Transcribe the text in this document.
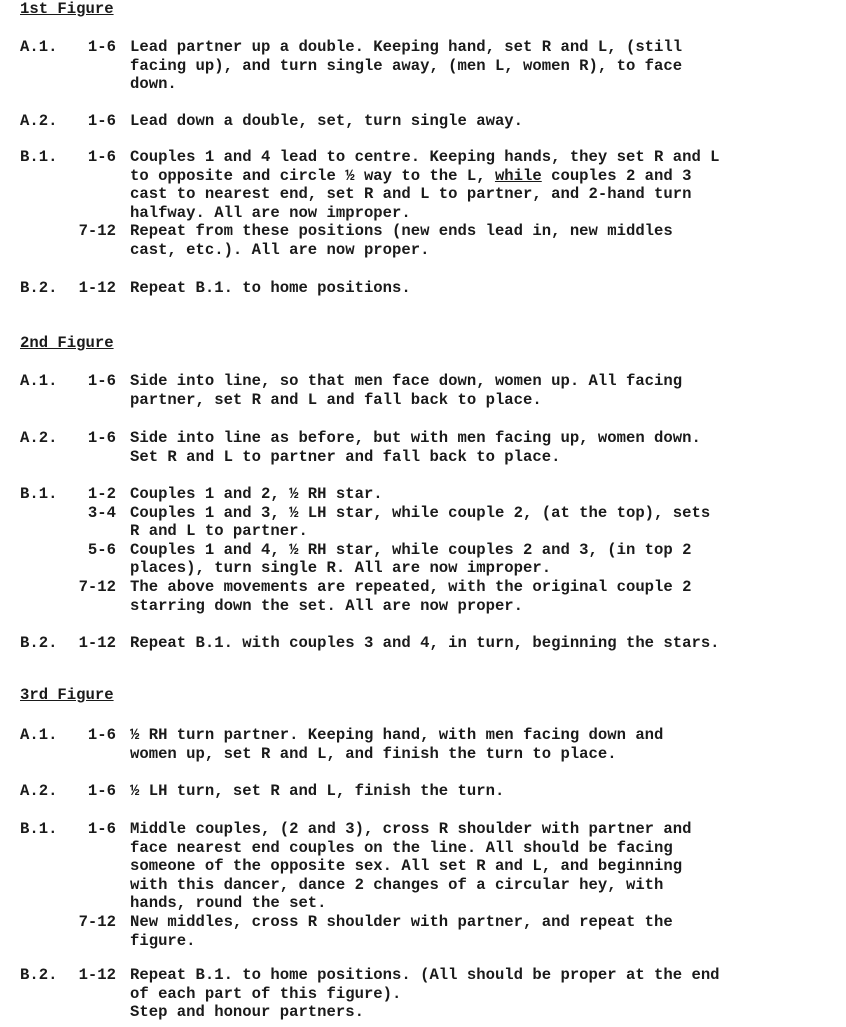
1st Figure
A.1.	1-6 Lead partner up a double. Keeping hand, set R and L, (still
facing up), and turn single away, (men L, women R), to face
down.
A.2.	1-6 Lead down a double, set, turn single away.
B.1.	1-6 Couples 1 and 4 lead to centre. Keeping hands, they set R and L
to opposite and circle ½ way to the L, while couples 2 and 3
cast to nearest end, set R and L to partner, and 2-hand turn
halfway. All are now improper.
7-12 Repeat from these positions (new ends lead in, new middles
cast, etc.). All are now proper.
B.2.	1-12 Repeat B.1. to home positions.
2nd Figure
A.1.	1-6 Side into line, so that men face down, women up. All facing
partner, set R and L and fall back to place.
A.2.	1-6 Side into line as before, but with men facing up, women down.
Set R and L to partner and fall back to place.
B.1.	1-2 Couples 1 and 2, ½ RH star.
3-4 Couples 1 and 3, ½ LH star, while couple 2, (at the top), sets
R and L to partner.
5-6 Couples 1 and 4, ½ RH star, while couples 2 and 3, (in top 2
places), turn single R. All are now improper.
7-12 The above movements are repeated, with the original couple 2
starring down the set. All are now proper.
B.2.	1-12 Repeat B.1. with couples 3 and 4, in turn, beginning the stars.
3rd Figure
A.1.	1-6 ½ RH turn partner. Keeping hand, with men facing down and
women up, set R and L, and finish the turn to place.
A.2.	1-6 ½ LH turn, set R and L, finish the turn.
B.1.	1-6 Middle couples, (2 and 3), cross R shoulder with partner and
face nearest end couples on the line. All should be facing
someone of the opposite sex. All set R and L, and beginning
with this dancer, dance 2 changes of a circular hey, with
hands, round the set.
7-12 New middles, cross R shoulder with partner, and repeat the
figure.
B.2.	1-12 Repeat B.1. to home positions. (All should be proper at the end
of each part of this figure).
Step and honour partners.
